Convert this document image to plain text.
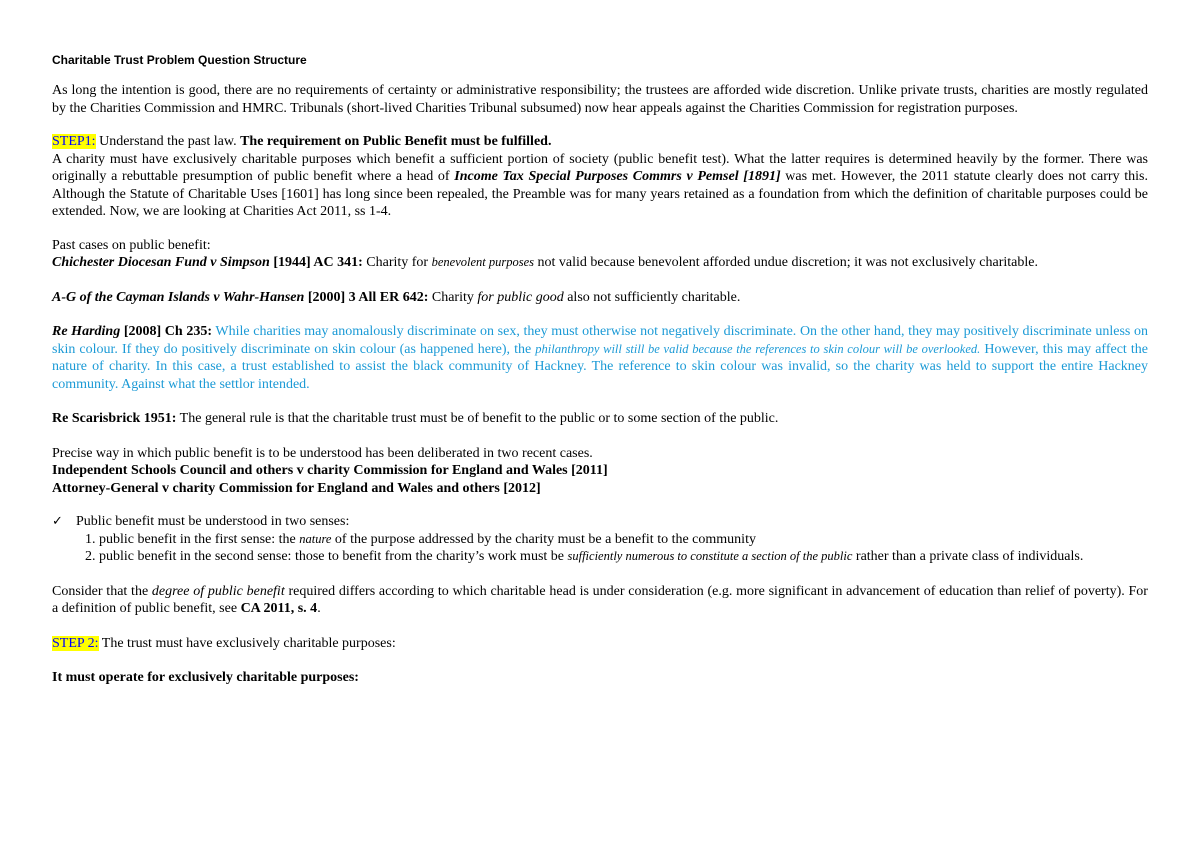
Charitable Trust Problem Question Structure

As long the intention is good, there are no requirements of certainty or administrative responsibility; the trustees are afforded wide discretion. Unlike private trusts, charities are mostly regulated by the Charities Commission and HMRC. Tribunals (short-lived Charities Tribunal subsumed) now hear appeals against the Charities Commission for registration purposes.

STEP1: Understand the past law. The requirement on Public Benefit must be fulfilled.

A charity must have exclusively charitable purposes which benefit a sufficient portion of society (public benefit test). What the latter requires is determined heavily by the former. There was originally a rebuttable presumption of public benefit where a head of Income Tax Special Purposes Commrs v Pemsel [1891] was met. However, the 2011 statute clearly does not carry this. Although the Statute of Charitable Uses [1601] has long since been repealed, the Preamble was for many years retained as a foundation from which the definition of charitable purposes could be extended. Now, we are looking at Charities Act 2011, ss 1-4.

Past cases on public benefit:

Chichester Diocesan Fund v Simpson [1944] AC 341: Charity for benevolent purposes not valid because benevolent afforded undue discretion; it was not exclusively charitable.

A-G of the Cayman Islands v Wahr-Hansen [2000] 3 All ER 642: Charity for public good also not sufficiently charitable.

Re Harding [2008] Ch 235: While charities may anomalously discriminate on sex, they must otherwise not negatively discriminate. On the other hand, they may positively discriminate unless on skin colour. If they do positively discriminate on skin colour (as happened here), the philanthropy will still be valid because the references to skin colour will be overlooked. However, this may affect the nature of charity. In this case, a trust established to assist the black community of Hackney. The reference to skin colour was invalid, so the charity was held to support the entire Hackney community. Against what the settlor intended.

Re Scarisbrick 1951: The general rule is that the charitable trust must be of benefit to the public or to some section of the public.

Precise way in which public benefit is to be understood has been deliberated in two recent cases.

Independent Schools Council and others v charity Commission for England and Wales [2011]

Attorney-General v charity Commission for England and Wales and others [2012]

✓ Public benefit must be understood in two senses:
1. public benefit in the first sense: the nature of the purpose addressed by the charity must be a benefit to the community
2. public benefit in the second sense: those to benefit from the charity’s work must be sufficiently numerous to constitute a section of the public rather than a private class of individuals.

Consider that the degree of public benefit required differs according to which charitable head is under consideration (e.g. more significant in advancement of education than relief of poverty). For a definition of public benefit, see CA 2011, s. 4.

STEP 2: The trust must have exclusively charitable purposes:

It must operate for exclusively charitable purposes:
